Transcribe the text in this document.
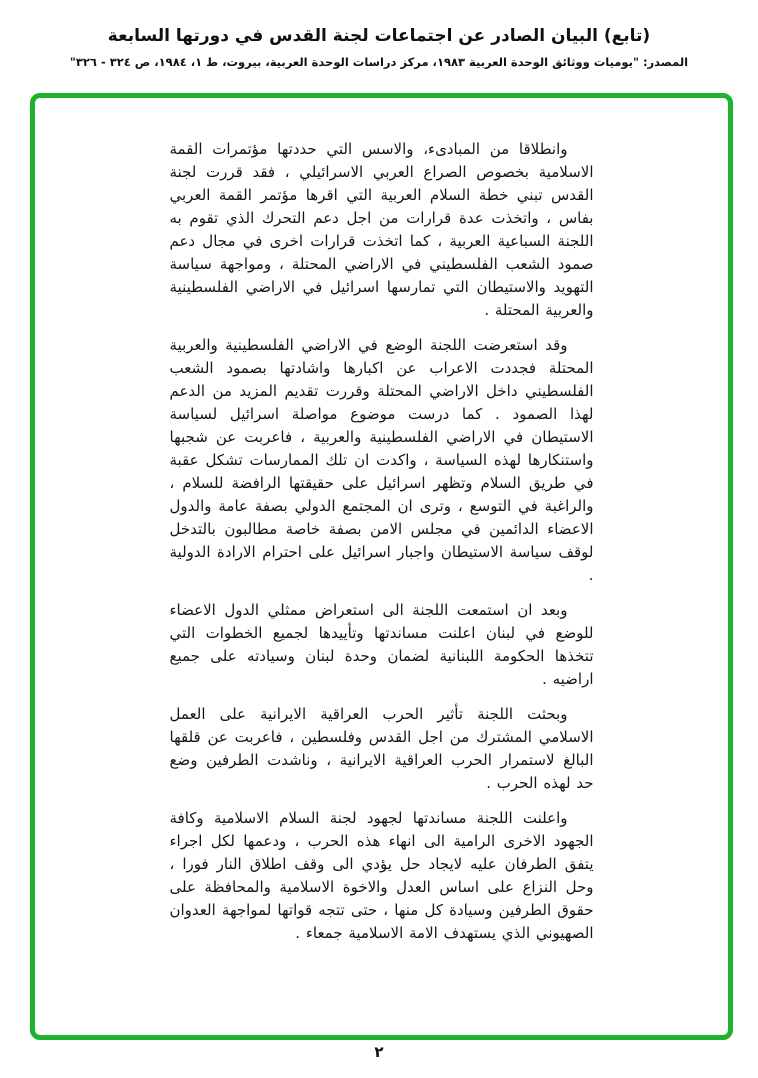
(تابع) البيان الصادر عن اجتماعات لجنة القدس في دورتها السابعة
المصدر: "يوميات ووثائق الوحدة العربية ١٩٨٣، مركز دراسات الوحدة العربية، بيروت، ط ١، ١٩٨٤، ص ٣٢٤ - ٣٢٦"

وانطلاقا من المبادىء، والاسس التي حددتها مؤتمرات القمة الاسلامية بخصوص الصراع العربي الاسرائيلي ، فقد قررت لجنة القدس تبني خطة السلام العربية التي اقرها مؤتمر القمة العربي بفاس ، واتخذت عدة قرارات من اجل دعم التحرك الذي تقوم به اللجنة السباعية العربية ، كما اتخذت قرارات اخرى في مجال دعم صمود الشعب الفلسطيني في الاراضي المحتلة ، ومواجهة سياسة التهويد والاستيطان التي تمارسها اسرائيل في الاراضي الفلسطينية والعربية المحتلة .

وقد استعرضت اللجنة الوضع في الاراضي الفلسطينية والعربية المحتلة فجددت الاعراب عن اكبارها واشادتها بصمود الشعب الفلسطيني داخل الاراضي المحتلة وقررت تقديم المزيد من الدعم لهذا الصمود . كما درست موضوع مواصلة اسرائيل لسياسة الاستيطان في الاراضي الفلسطينية والعربية ، فاعربت عن شجبها واستنكارها لهذه السياسة ، واكدت ان تلك الممارسات تشكل عقبة في طريق السلام وتظهر اسرائيل على حقيقتها الرافضة للسلام ، والراغبة في التوسع ، وترى ان المجتمع الدولي بصفة عامة والدول الاعضاء الدائمين في مجلس الامن بصفة خاصة مطالبون بالتدخل لوقف سياسة الاستيطان واجبار اسرائيل على احترام الارادة الدولية .

وبعد ان استمعت اللجنة الى استعراض ممثلي الدول الاعضاء للوضع في لبنان اعلنت مساندتها وتأييدها لجميع الخطوات التي تتخذها الحكومة اللبنانية لضمان وحدة لبنان وسيادته على جميع اراضيه .

وبحثت اللجنة تأثير الحرب العراقية الايرانية على العمل الاسلامي المشترك من اجل القدس وفلسطين ، فاعربت عن قلقها البالغ لاستمرار الحرب العراقية الايرانية ، وناشدت الطرفين وضع حد لهذه الحرب .

واعلنت اللجنة مساندتها لجهود لجنة السلام الاسلامية وكافة الجهود الاخرى الرامية الى انهاء هذه الحرب ، ودعمها لكل اجراء يتفق الطرفان عليه لايجاد حل يؤدي الى وقف اطلاق النار فورا ، وحل النزاع على اساس العدل والاخوة الاسلامية والمحافظة على حقوق الطرفين وسيادة كل منها ، حتى تتجه قواتها لمواجهة العدوان الصهيوني الذي يستهدف الامة الاسلامية جمعاء .

٢
